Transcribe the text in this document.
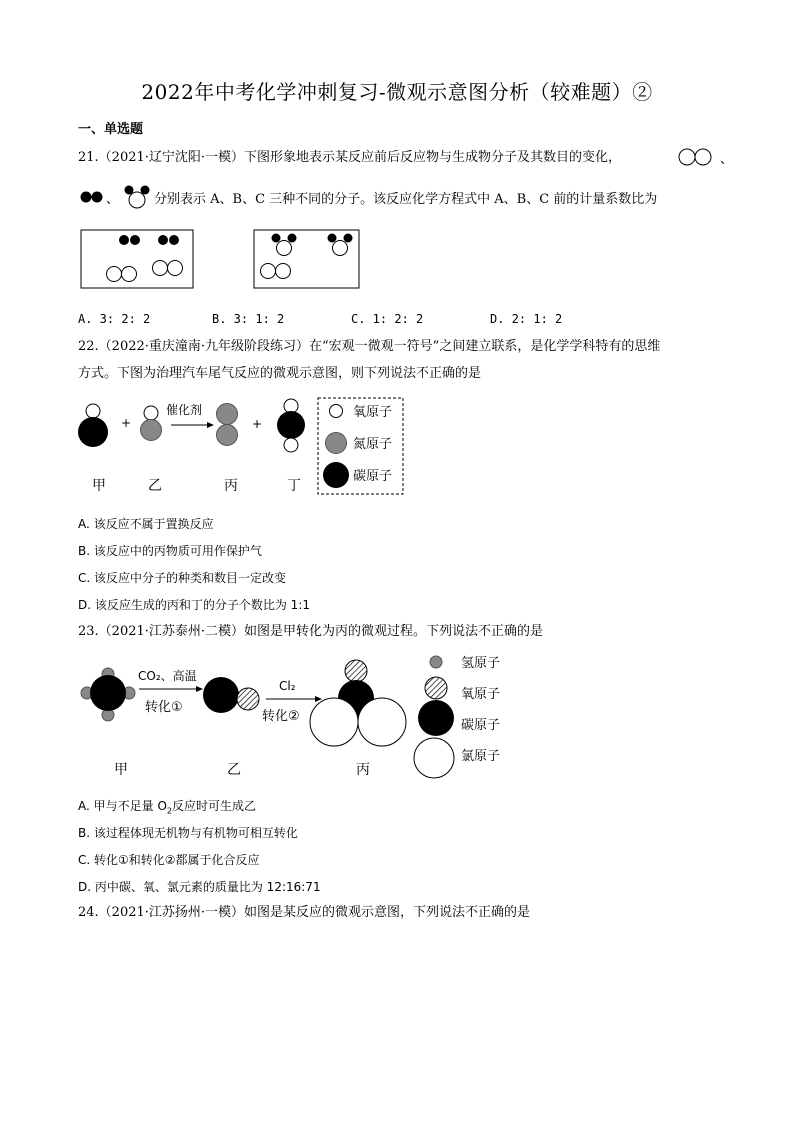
2022年中考化学冲刺复习-微观示意图分析（较难题）②
一、单选题
21.（2021·辽宁沈阳·一模）下图形象地表示某反应前后反应物与生成物分子及其数目的变化，	、
、	分别表示 A、B、C 三种不同的分子。该反应化学方程式中 A、B、C 前的计量系数比为
A. 3: 2: 2	B. 3: 1: 2	C. 1: 2: 2	D. 2: 1: 2
22.（2022·重庆潼南·九年级阶段练习）在“宏观一微观一符号”之间建立联系，是化学学科特有的思维
方式。下图为治理汽车尾气反应的微观示意图，则下列说法不正确的是
+
催化剂
+
甲	乙	丙	丁
氧原子
氮原子
碳原子
A. 该反应不属于置换反应
B. 该反应中的丙物质可用作保护气
C. 该反应中分子的种类和数目一定改变
D. 该反应生成的丙和丁的分子个数比为 1:1
23.（2021·江苏泰州·二模）如图是甲转化为丙的微观过程。下列说法不正确的是
CO₂、高温
转化①
Cl₂
转化②
甲	乙	丙
氢原子
氧原子
碳原子
氯原子
A. 甲与不足量 $O_2$反应时可生成乙
B. 该过程体现无机物与有机物可相互转化
C. 转化①和转化②都属于化合反应
D. 丙中碳、氧、氯元素的质量比为 12:16:71
24.（2021·江苏扬州·一模）如图是某反应的微观示意图，下列说法不正确的是
